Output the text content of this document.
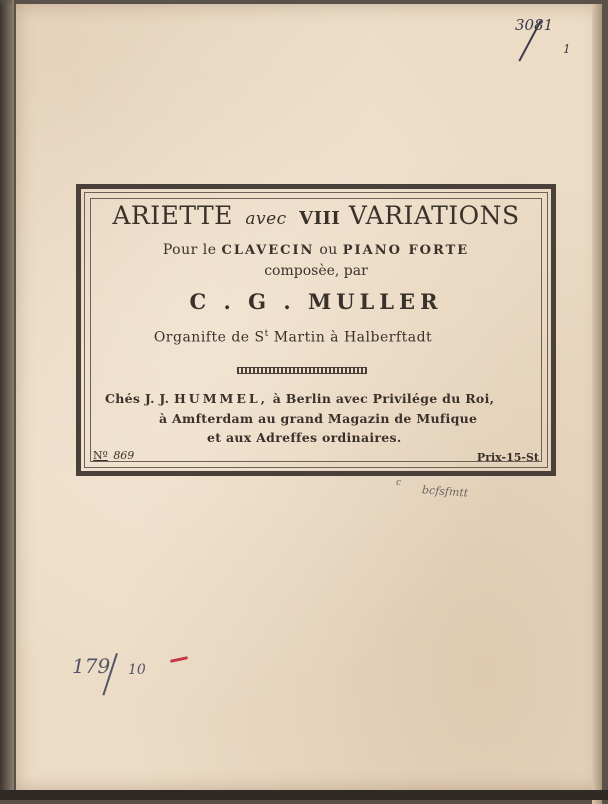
5050
3081
1
ARIETTE avec VIII VARIATIONS
Pour le CLAVECIN ou PIANO FORTE
composèe, par
C . G . MULLER
Organifte de $S^t$ Martin à Halberftadt
Chés J. J. HUMMEL, à Berlin avec Privilége du Roi,
à Amfterdam au grand Magazin de Mufique
et aux Adreffes ordinaires.
Nº 869	Prix-15-St
c
bcfsfmtt
179 10
